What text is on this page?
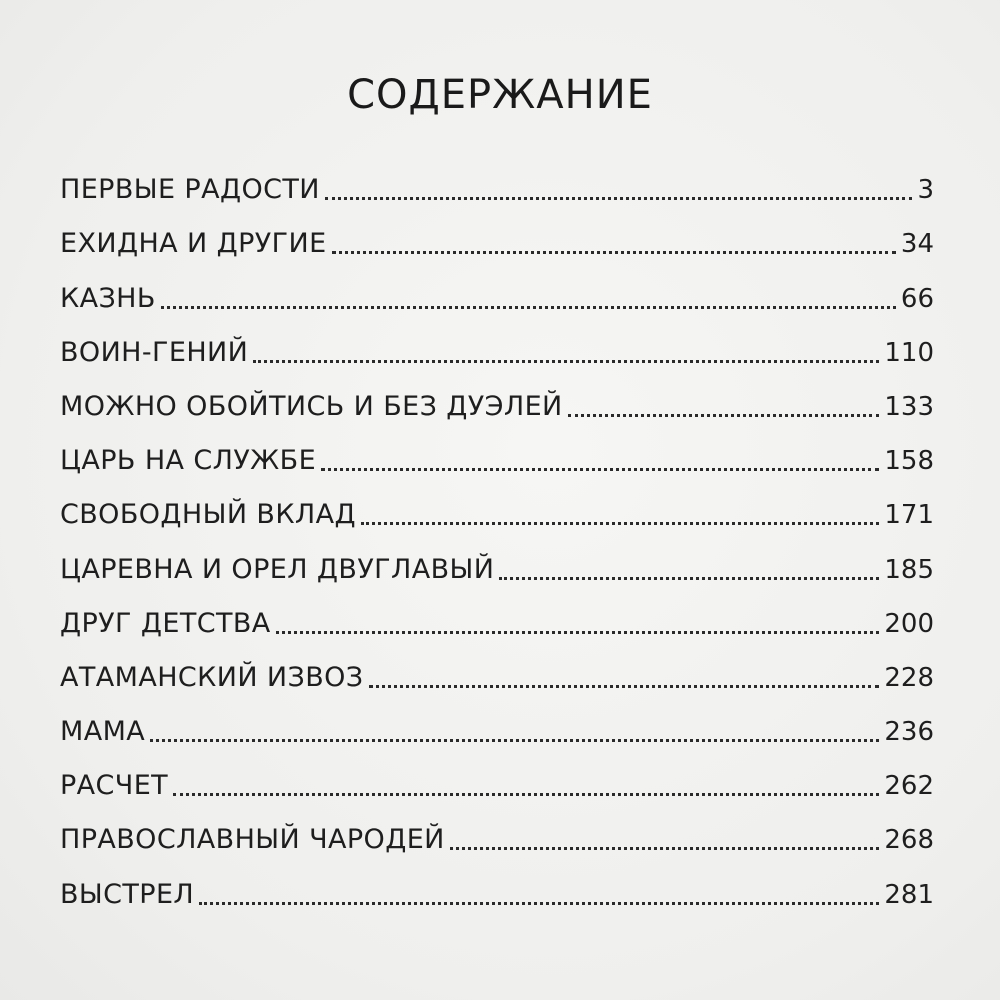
СОДЕРЖАНИЕ
ПЕРВЫЕ РАДОСТИ	3
ЕХИДНА И ДРУГИЕ	34
КАЗНЬ	66
ВОИН-ГЕНИЙ	110
МОЖНО ОБОЙТИСЬ И БЕЗ ДУЭЛЕЙ	133
ЦАРЬ НА СЛУЖБЕ	158
СВОБОДНЫЙ ВКЛАД	171
ЦАРЕВНА И ОРЕЛ ДВУГЛАВЫЙ	185
ДРУГ ДЕТСТВА	200
АТАМАНСКИЙ ИЗВОЗ	228
МАМА	236
РАСЧЕТ	262
ПРАВОСЛАВНЫЙ ЧАРОДЕЙ	268
ВЫСТРЕЛ	281
